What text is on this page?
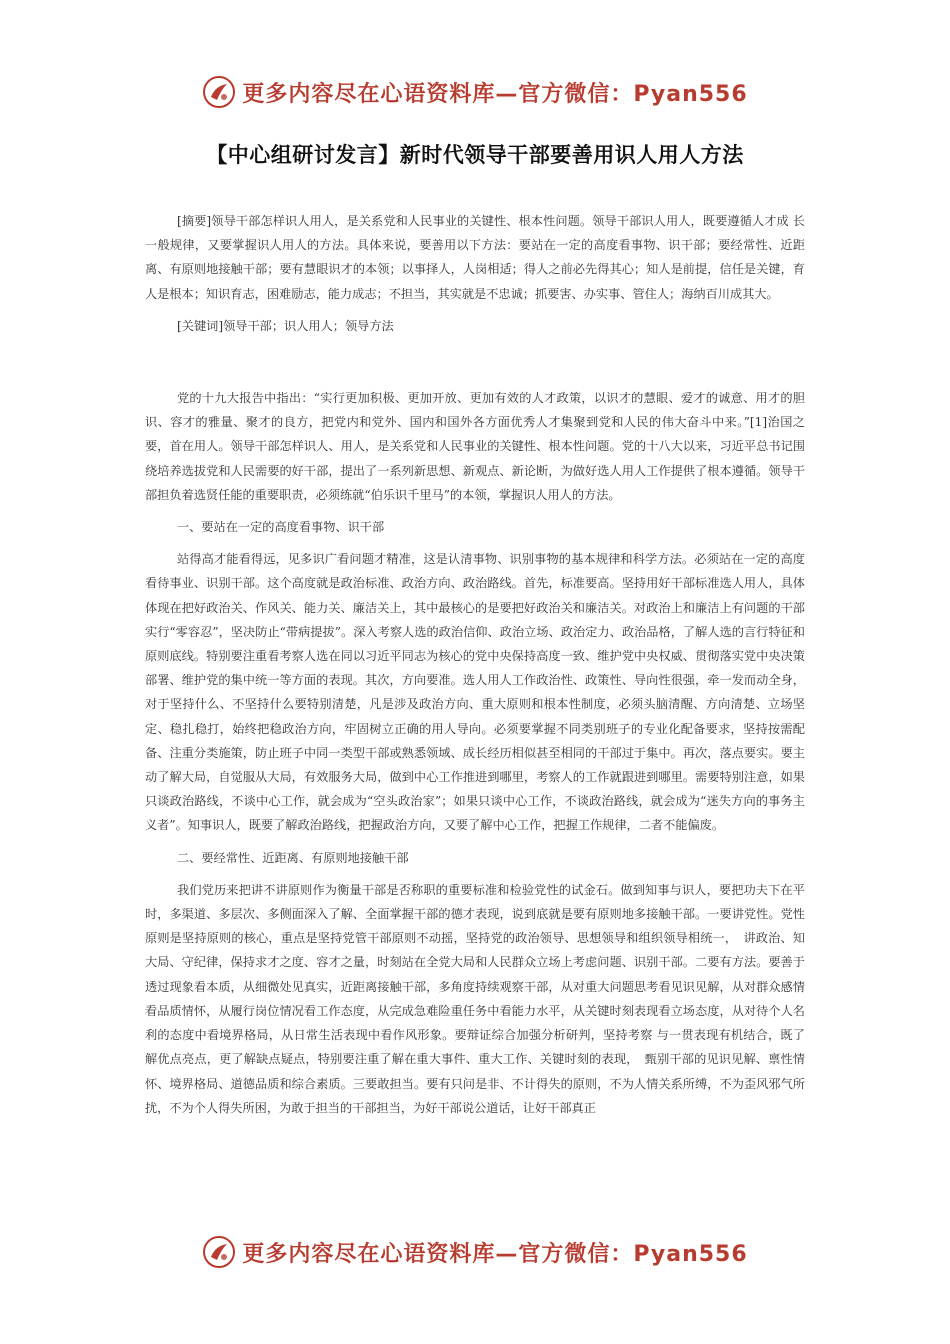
更多内容尽在心语资料库—官方微信：Pyan556
【中心组研讨发言】新时代领导干部要善用识人用人方法

[摘要]领导干部怎样识人用人，是关系党和人民事业的关键性、根本性问题。领导干部识人用人，既要遵循人才成 长一般规律，又要掌握识人用人的方法。具体来说，要善用以下方法：要站在一定的高度看事物、识干部；要经常性、近距离、有原则地接触干部；要有慧眼识才的本领；以事择人，人岗相适；得人之前必先得其心；知人是前提，信任是关键，育人是根本；知识育志，困难励志，能力成志；不担当，其实就是不忠诚；抓要害、办实事、管住人；海纳百川成其大。

[关键词]领导干部；识人用人；领导方法

党的十九大报告中指出：“实行更加积极、更加开放、更加有效的人才政策，以识才的慧眼、爱才的诚意、用才的胆识、容才的雅量、聚才的良方，把党内和党外、国内和国外各方面优秀人才集聚到党和人民的伟大奋斗中来。”[1]治国之要，首在用人。领导干部怎样识人、用人，是关系党和人民事业的关键性、根本性问题。党的十八大以来，习近平总书记围绕培养选拔党和人民需要的好干部，提出了一系列新思想、新观点、新论断，为做好选人用人工作提供了根本遵循。领导干部担负着选贤任能的重要职责，必须练就“伯乐识千里马”的本领，掌握识人用人的方法。

一、要站在一定的高度看事物、识干部

站得高才能看得远，见多识广看问题才精准，这是认清事物、识别事物的基本规律和科学方法。必须站在一定的高度看待事业、识别干部。这个高度就是政治标准、政治方向、政治路线。首先，标准要高。坚持用好干部标准选人用人，具体体现在把好政治关、作风关、能力关、廉洁关上，其中最核心的是要把好政治关和廉洁关。对政治上和廉洁上有问题的干部实行“零容忍”，坚决防止“带病提拔”。深入考察人选的政治信仰、政治立场、政治定力、政治品格，了解人选的言行特征和原则底线。特别要注重看考察人选在同以习近平同志为核心的党中央保持高度一致、维护党中央权威、贯彻落实党中央决策部署、维护党的集中统一等方面的表现。其次，方向要准。选人用人工作政治性、政策性、导向性很强，牵一发而动全身，对于坚持什么、不坚持什么要特别清楚，凡是涉及政治方向、重大原则和根本性制度，必须头脑清醒、方向清楚、立场坚定、稳扎稳打，始终把稳政治方向，牢固树立正确的用人导向。必须要掌握不同类别班子的专业化配备要求，坚持按需配备、注重分类施策，防止班子中同一类型干部或熟悉领域、成长经历相似甚至相同的干部过于集中。再次，落点要实。要主动了解大局，自觉服从大局，有效服务大局，做到中心工作推进到哪里，考察人的工作就跟进到哪里。需要特别注意，如果只谈政治路线，不谈中心工作，就会成为“空头政治家”；如果只谈中心工作，不谈政治路线，就会成为“迷失方向的事务主义者”。知事识人，既要了解政治路线，把握政治方向，又要了解中心工作，把握工作规律，二者不能偏废。

二、要经常性、近距离、有原则地接触干部

我们党历来把讲不讲原则作为衡量干部是否称职的重要标准和检验党性的试金石。做到知事与识人，要把功夫下在平时，多渠道、多层次、多侧面深入了解、全面掌握干部的德才表现，说到底就是要有原则地多接触干部。一要讲党性。党性原则是坚持原则的核心，重点是坚持党管干部原则不动摇，坚持党的政治领导、思想领导和组织领导相统一，　讲政治、知大局、守纪律，保持求才之度、容才之量，时刻站在全党大局和人民群众立场上考虑问题、识别干部。二要有方法。要善于透过现象看本质，从细微处见真实，近距离接触干部，多角度持续观察干部，从对重大问题思考看见识见解，从对群众感情看品质情怀，从履行岗位情况看工作态度，从完成急难险重任务中看能力水平，从关键时刻表现看立场态度，从对待个人名利的态度中看境界格局，从日常生活表现中看作风形象。要辩证综合加强分析研判，坚持考察 与一贯表现有机结合，既了解优点亮点，更了解缺点疑点，特别要注重了解在重大事件、重大工作、关键时刻的表现，　甄别干部的见识见解、禀性情怀、境界格局、道德品质和综合素质。三要敢担当。要有只问是非、不计得失的原则，不为人情关系所缚，不为歪风邪气所扰，不为个人得失所困，为敢于担当的干部担当，为好干部说公道话，让好干部真正

更多内容尽在心语资料库—官方微信：Pyan556
